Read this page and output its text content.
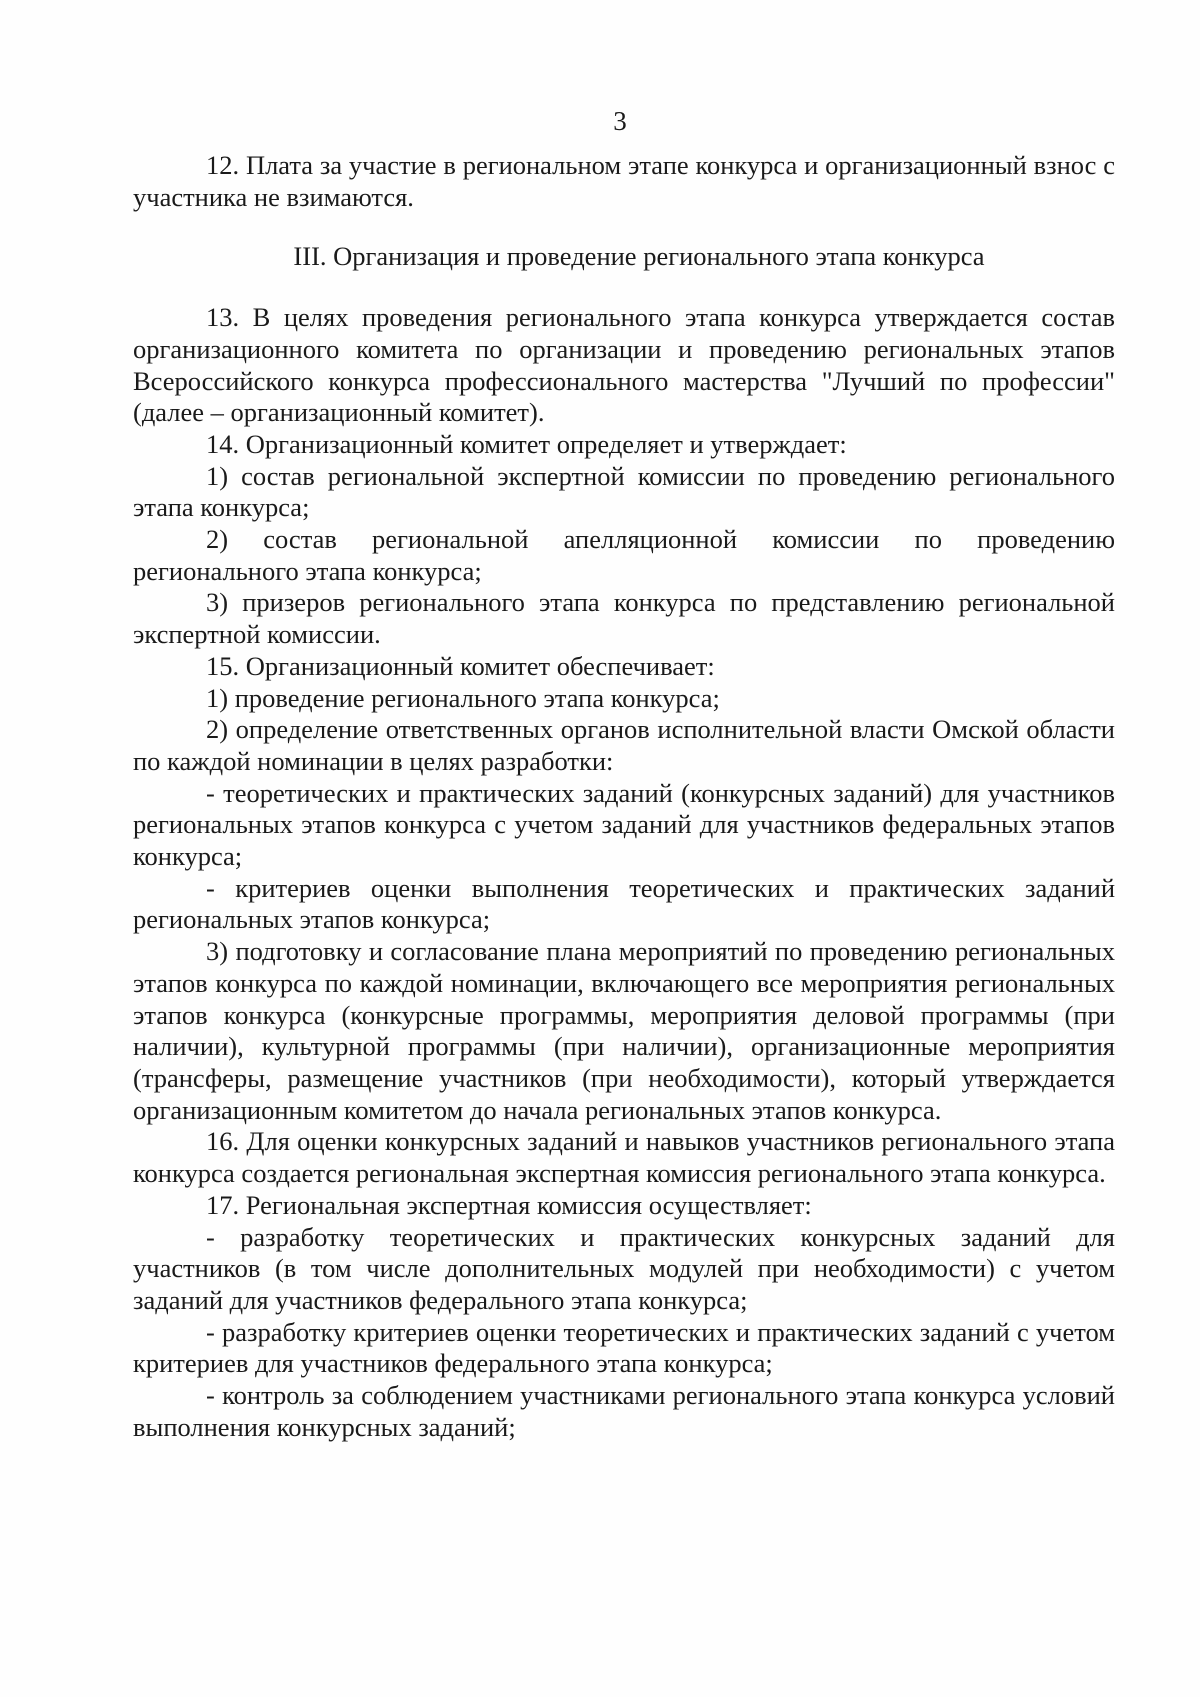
3

12. Плата за участие в региональном этапе конкурса и организационный взнос с участника не взимаются.

III. Организация и проведение регионального этапа конкурса

13. В целях проведения регионального этапа конкурса утверждается состав организационного комитета по организации и проведению региональных этапов Всероссийского конкурса профессионального мастерства "Лучший по профессии" (далее – организационный комитет).

14. Организационный комитет определяет и утверждает:

1) состав региональной экспертной комиссии по проведению регионального этапа конкурса;

2) состав региональной апелляционной комиссии по проведению регионального этапа конкурса;

3) призеров регионального этапа конкурса по представлению региональной экспертной комиссии.

15. Организационный комитет обеспечивает:

1) проведение регионального этапа конкурса;

2) определение ответственных органов исполнительной власти Омской области по каждой номинации в целях разработки:

- теоретических и практических заданий (конкурсных заданий) для участников региональных этапов конкурса с учетом заданий для участников федеральных этапов конкурса;

- критериев оценки выполнения теоретических и практических заданий региональных этапов конкурса;

3) подготовку и согласование плана мероприятий по проведению региональных этапов конкурса по каждой номинации, включающего все мероприятия региональных этапов конкурса (конкурсные программы, мероприятия деловой программы (при наличии), культурной программы (при наличии), организационные мероприятия (трансферы, размещение участников (при необходимости), который утверждается организационным комитетом до начала региональных этапов конкурса.

16. Для оценки конкурсных заданий и навыков участников регионального этапа конкурса создается региональная экспертная комиссия регионального этапа конкурса.

17. Региональная экспертная комиссия осуществляет:

- разработку теоретических и практических конкурсных заданий для участников (в том числе дополнительных модулей при необходимости) с учетом заданий для участников федерального этапа конкурса;

- разработку критериев оценки теоретических и практических заданий с учетом критериев для участников федерального этапа конкурса;

- контроль за соблюдением участниками регионального этапа конкурса условий выполнения конкурсных заданий;
